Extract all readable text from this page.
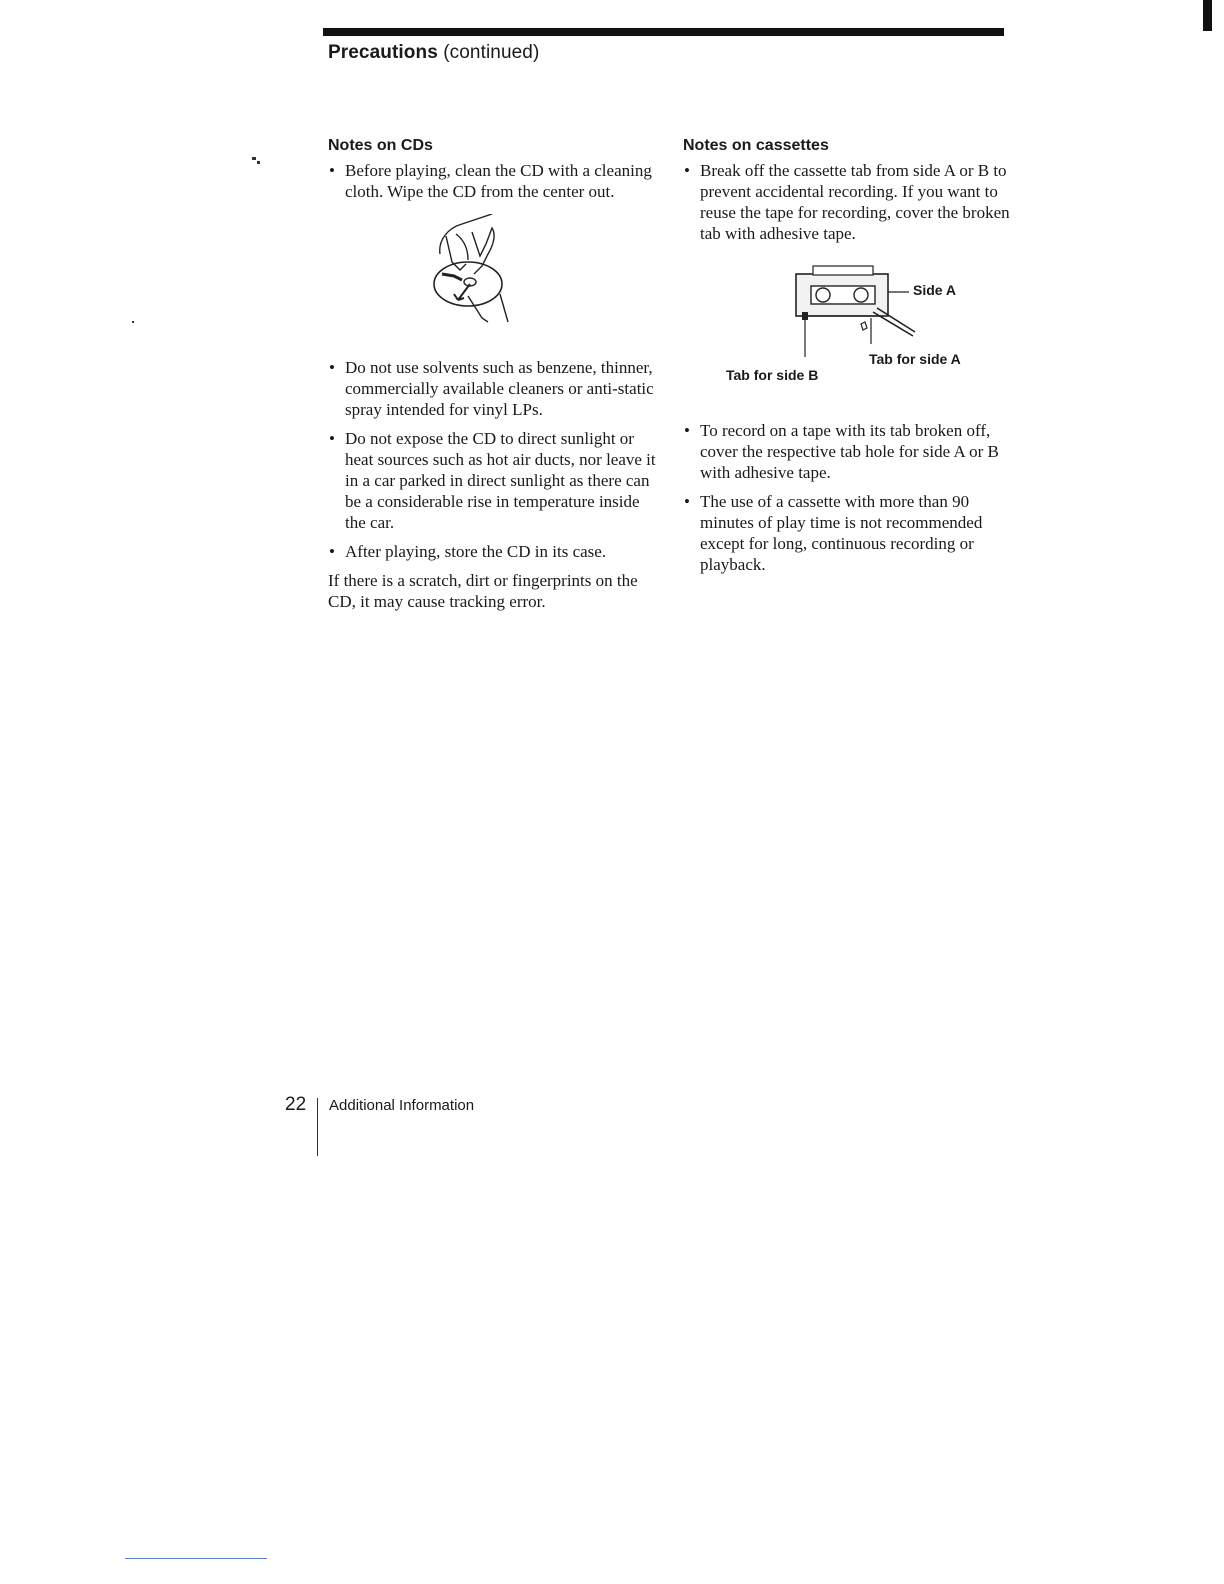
Precautions (continued)
Notes on CDs
• Before playing, clean the CD with a cleaning cloth. Wipe the CD from the center out.
• Do not use solvents such as benzene, thinner, commercially available cleaners or anti-static spray intended for vinyl LPs.
• Do not expose the CD to direct sunlight or heat sources such as hot air ducts, nor leave it in a car parked in direct sunlight as there can be a considerable rise in temperature inside the car.
• After playing, store the CD in its case.

If there is a scratch, dirt or fingerprints on the CD, it may cause tracking error.

Notes on cassettes
• Break off the cassette tab from side A or B to prevent accidental recording. If you want to reuse the tape for recording, cover the broken tab with adhesive tape.
Side A
Tab for side A
Tab for side B
• To record on a tape with its tab broken off, cover the respective tab hole for side A or B with adhesive tape.
• The use of a cassette with more than 90 minutes of play time is not recommended except for long, continuous recording or playback.
22 Additional Information
